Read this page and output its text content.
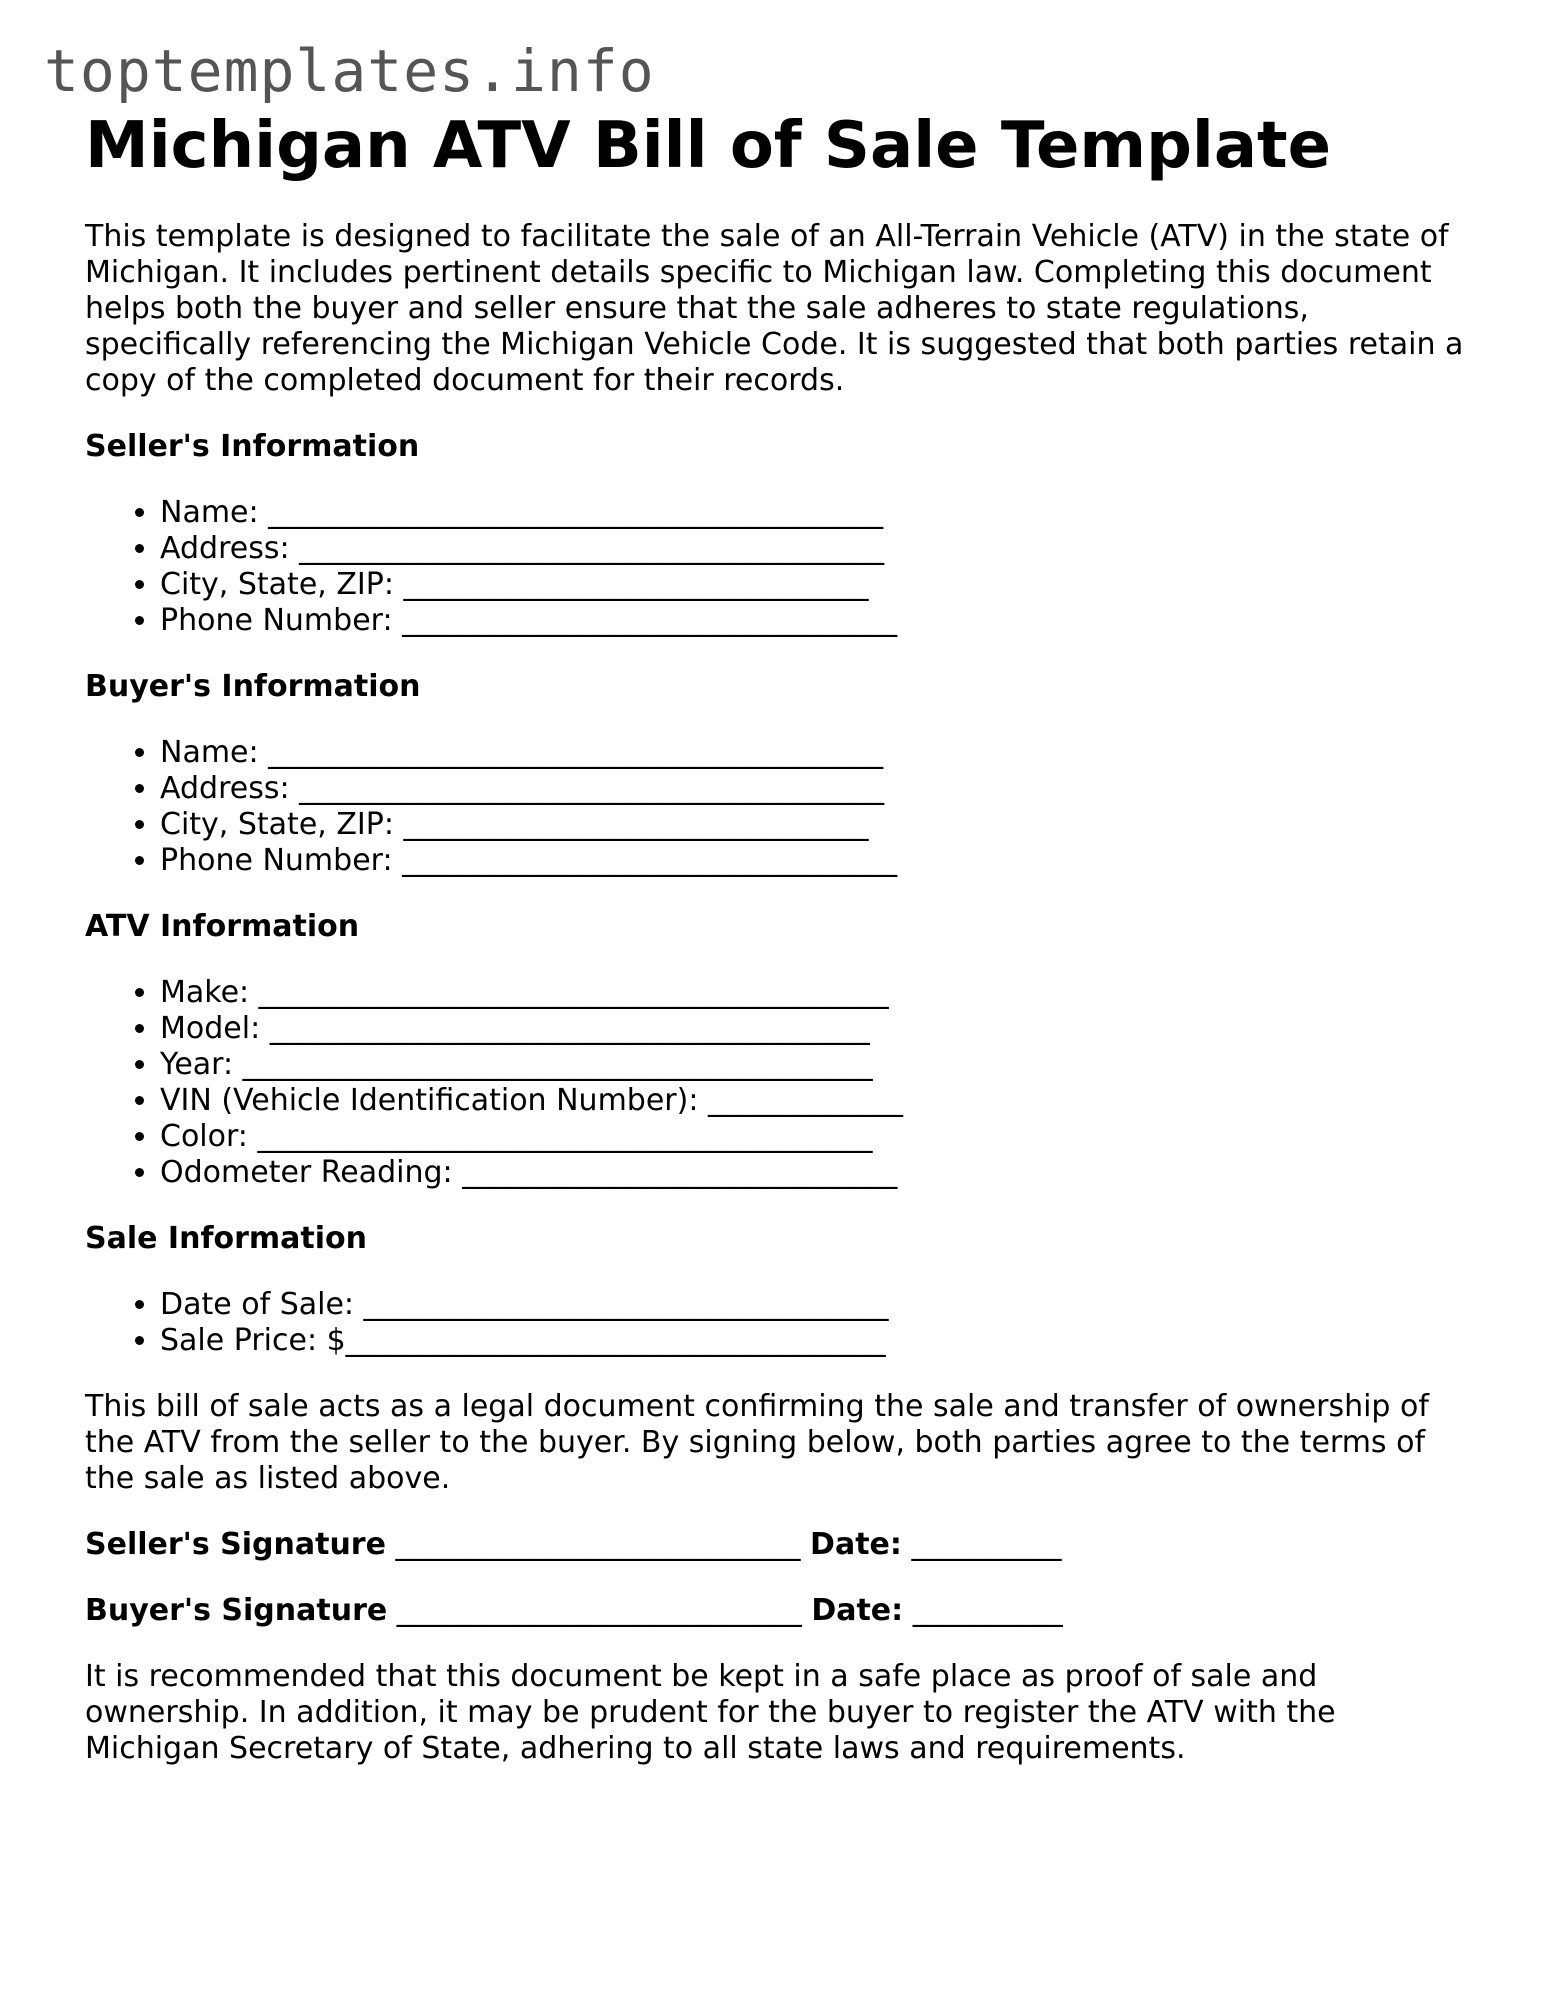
toptemplates.info
Michigan ATV Bill of Sale Template

This template is designed to facilitate the sale of an All-Terrain Vehicle (ATV) in the state of Michigan. It includes pertinent details specific to Michigan law. Completing this document helps both the buyer and seller ensure that the sale adheres to state regulations, specifically referencing the Michigan Vehicle Code. It is suggested that both parties retain a copy of the completed document for their records.

Seller's Information
• Name: _________________________________________
• Address: _______________________________________
• City, State, ZIP: _______________________________
• Phone Number: _________________________________
Buyer's Information
• Name: _________________________________________
• Address: _______________________________________
• City, State, ZIP: _______________________________
• Phone Number: _________________________________
ATV Information
• Make: __________________________________________
• Model: ________________________________________
• Year: __________________________________________
• VIN (Vehicle Identification Number): _____________
• Color: _________________________________________
• Odometer Reading: _____________________________
Sale Information
• Date of Sale: ___________________________________
• Sale Price: $____________________________________

This bill of sale acts as a legal document confirming the sale and transfer of ownership of the ATV from the seller to the buyer. By signing below, both parties agree to the terms of the sale as listed above.

Seller's Signature ___________________________ Date: __________
Buyer's Signature ___________________________ Date: __________

It is recommended that this document be kept in a safe place as proof of sale and ownership. In addition, it may be prudent for the buyer to register the ATV with the Michigan Secretary of State, adhering to all state laws and requirements.
